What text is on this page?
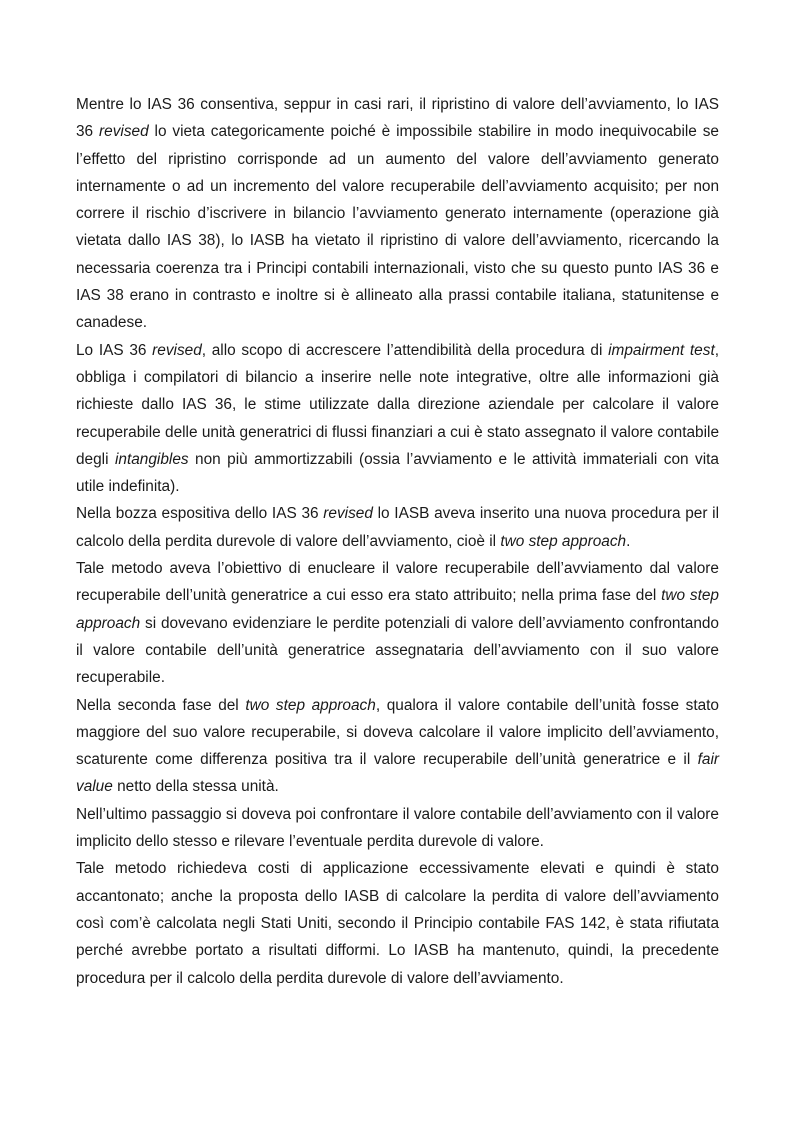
Mentre lo IAS 36 consentiva, seppur in casi rari, il ripristino di valore dell’avviamento, lo IAS 36 revised lo vieta categoricamente poiché è impossibile stabilire in modo inequivocabile se l’effetto del ripristino corrisponde ad un aumento del valore dell’avviamento generato internamente o ad un incremento del valore recuperabile dell’avviamento acquisito; per non correre il rischio d’iscrivere in bilancio l’avviamento generato internamente (operazione già vietata dallo IAS 38), lo IASB ha vietato il ripristino di valore dell’avviamento, ricercando la necessaria coerenza tra i Principi contabili internazionali, visto che su questo punto IAS 36 e IAS 38 erano in contrasto e inoltre si è allineato alla prassi contabile italiana, statunitense e canadese.

Lo IAS 36 revised, allo scopo di accrescere l’attendibilità della procedura di impairment test, obbliga i compilatori di bilancio a inserire nelle note integrative, oltre alle informazioni già richieste dallo IAS 36, le stime utilizzate dalla direzione aziendale per calcolare il valore recuperabile delle unità generatrici di flussi finanziari a cui è stato assegnato il valore contabile degli intangibles non più ammortizzabili (ossia l’avviamento e le attività immateriali con vita utile indefinita).

Nella bozza espositiva dello IAS 36 revised lo IASB aveva inserito una nuova procedura per il calcolo della perdita durevole di valore dell’avviamento, cioè il two step approach.

Tale metodo aveva l’obiettivo di enucleare il valore recuperabile dell’avviamento dal valore recuperabile dell’unità generatrice a cui esso era stato attribuito; nella prima fase del two step approach si dovevano evidenziare le perdite potenziali di valore dell’avviamento confrontando il valore contabile dell’unità generatrice assegnataria dell’avviamento con il suo valore recuperabile.

Nella seconda fase del two step approach, qualora il valore contabile dell’unità fosse stato maggiore del suo valore recuperabile, si doveva calcolare il valore implicito dell’avviamento, scaturente come differenza positiva tra il valore recuperabile dell’unità generatrice e il fair value netto della stessa unità.

Nell’ultimo passaggio si doveva poi confrontare il valore contabile dell’avviamento con il valore implicito dello stesso e rilevare l’eventuale perdita durevole di valore.

Tale metodo richiedeva costi di applicazione eccessivamente elevati e quindi è stato accantonato; anche la proposta dello IASB di calcolare la perdita di valore dell’avviamento così com’è calcolata negli Stati Uniti, secondo il Principio contabile FAS 142, è stata rifiutata perché avrebbe portato a risultati difformi. Lo IASB ha mantenuto, quindi, la precedente procedura per il calcolo della perdita durevole di valore dell’avviamento.
